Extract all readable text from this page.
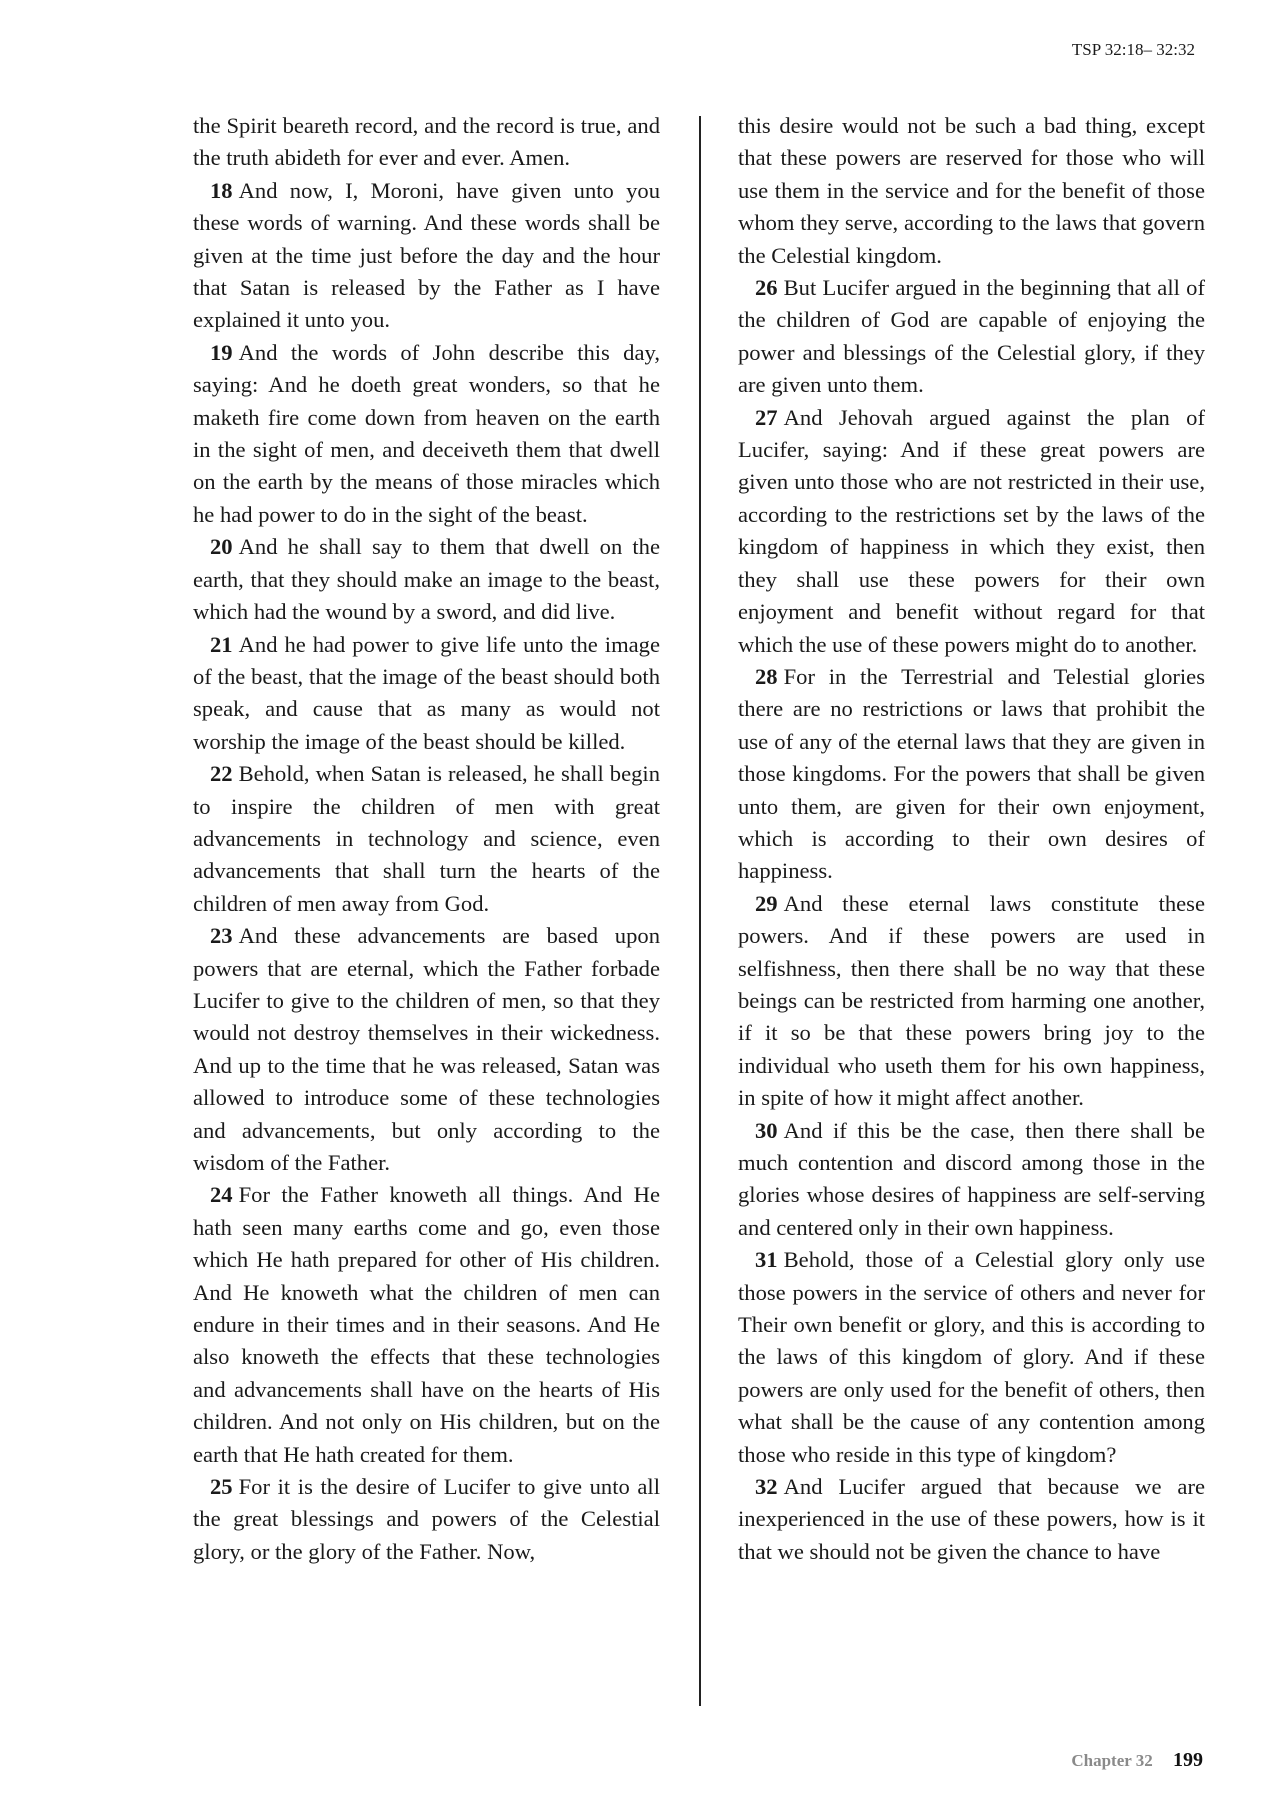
TSP 32:18– 32:32

the Spirit beareth record, and the record is true, and the truth abideth for ever and ever. Amen.

18 And now, I, Moroni, have given unto you these words of warning. And these words shall be given at the time just before the day and the hour that Satan is released by the Father as I have explained it unto you.

19 And the words of John describe this day, saying: And he doeth great wonders, so that he maketh fire come down from heaven on the earth in the sight of men, and deceiveth them that dwell on the earth by the means of those miracles which he had power to do in the sight of the beast.

20 And he shall say to them that dwell on the earth, that they should make an image to the beast, which had the wound by a sword, and did live.

21 And he had power to give life unto the image of the beast, that the image of the beast should both speak, and cause that as many as would not worship the image of the beast should be killed.

22 Behold, when Satan is released, he shall begin to inspire the children of men with great advancements in technology and science, even advancements that shall turn the hearts of the children of men away from God.

23 And these advancements are based upon powers that are eternal, which the Father forbade Lucifer to give to the children of men, so that they would not destroy themselves in their wickedness. And up to the time that he was released, Satan was allowed to introduce some of these technologies and advancements, but only according to the wisdom of the Father.

24 For the Father knoweth all things. And He hath seen many earths come and go, even those which He hath prepared for other of His children. And He knoweth what the children of men can endure in their times and in their seasons. And He also knoweth the effects that these technologies and advancements shall have on the hearts of His children. And not only on His children, but on the earth that He hath created for them.

25 For it is the desire of Lucifer to give unto all the great blessings and powers of the Celestial glory, or the glory of the Father. Now,

this desire would not be such a bad thing, except that these powers are reserved for those who will use them in the service and for the benefit of those whom they serve, according to the laws that govern the Celestial kingdom.

26 But Lucifer argued in the beginning that all of the children of God are capable of enjoying the power and blessings of the Celestial glory, if they are given unto them.

27 And Jehovah argued against the plan of Lucifer, saying: And if these great powers are given unto those who are not restricted in their use, according to the restrictions set by the laws of the kingdom of happiness in which they exist, then they shall use these powers for their own enjoyment and benefit without regard for that which the use of these powers might do to another.

28 For in the Terrestrial and Telestial glories there are no restrictions or laws that prohibit the use of any of the eternal laws that they are given in those kingdoms. For the powers that shall be given unto them, are given for their own enjoyment, which is according to their own desires of happiness.

29 And these eternal laws constitute these powers. And if these powers are used in selfishness, then there shall be no way that these beings can be restricted from harming one another, if it so be that these powers bring joy to the individual who useth them for his own happiness, in spite of how it might affect another.

30 And if this be the case, then there shall be much contention and discord among those in the glories whose desires of happiness are self-serving and centered only in their own happiness.

31 Behold, those of a Celestial glory only use those powers in the service of others and never for Their own benefit or glory, and this is according to the laws of this kingdom of glory. And if these powers are only used for the benefit of others, then what shall be the cause of any contention among those who reside in this type of kingdom?

32 And Lucifer argued that because we are inexperienced in the use of these powers, how is it that we should not be given the chance to have

Chapter 32 199
